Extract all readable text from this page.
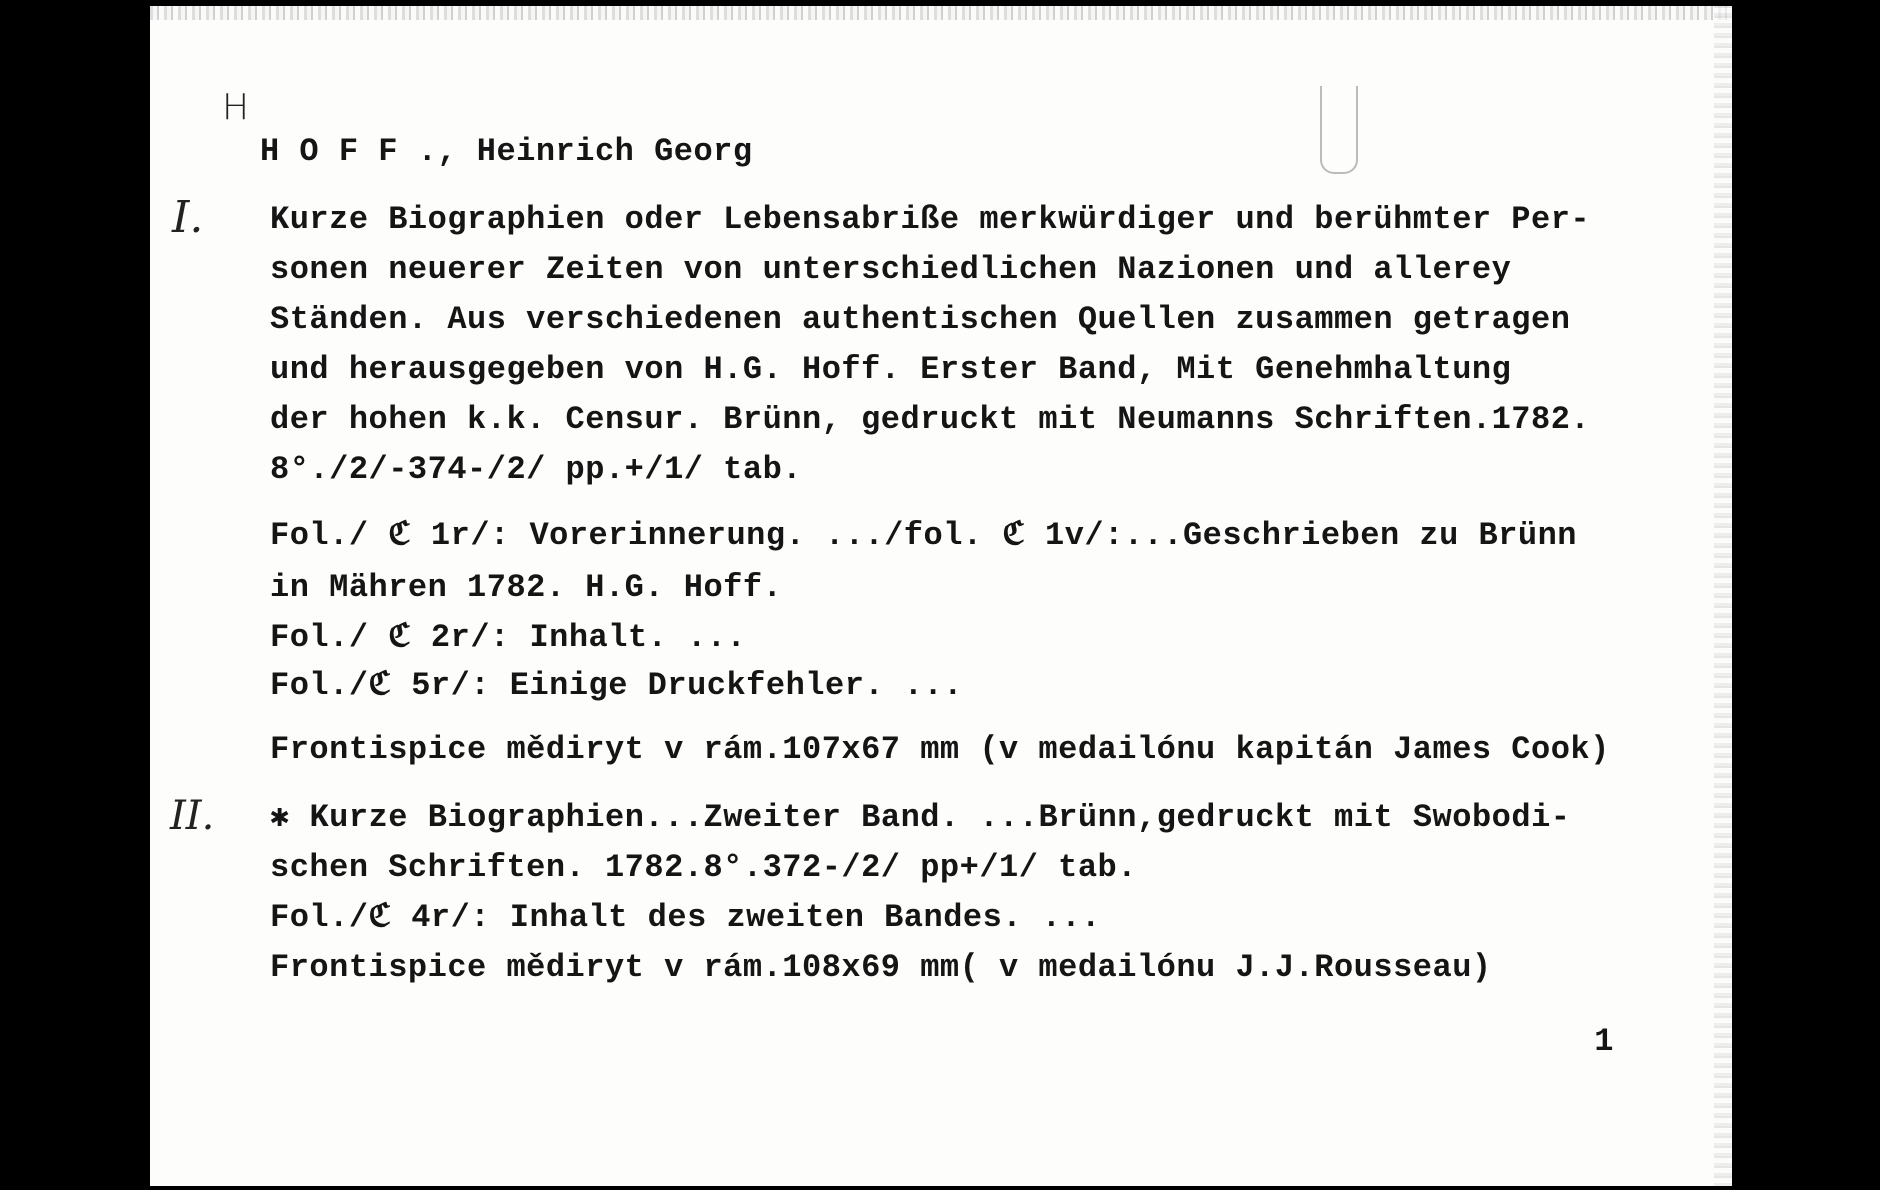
H
H O F F ., Heinrich Georg
I. Kurze Biographien oder Lebensabriße merkwürdiger und berühmter Per-
sonen neuerer Zeiten von unterschiedlichen Nazionen und allerey
Ständen. Aus verschiedenen authentischen Quellen zusammen getragen
und herausgegeben von H.G. Hoff. Erster Band, Mit Genehmhaltung
der hohen k.k. Censur. Brünn, gedruckt mit Neumanns Schriften.1782.
8°./2/-374-/2/ pp.+/1/ tab.
Fol./ ℭ 1r/: Vorerinnerung. .../fol. ℭ 1v/:...Geschrieben zu Brünn
in Mähren 1782. H.G. Hoff.
Fol./ ℭ 2r/: Inhalt. ...
Fol./ℭ 5r/: Einige Druckfehler. ...
Frontispice mědiryt v rám.107x67 mm (v medailónu kapitán James Cook)
II. ✱ Kurze Biographien...Zweiter Band. ...Brünn,gedruckt mit Swobodi-
schen Schriften. 1782.8°.372-/2/ pp+/1/ tab.
Fol./ℭ 4r/: Inhalt des zweiten Bandes. ...
Frontispice mědiryt v rám.108x69 mm( v medailónu J.J.Rousseau)
1
